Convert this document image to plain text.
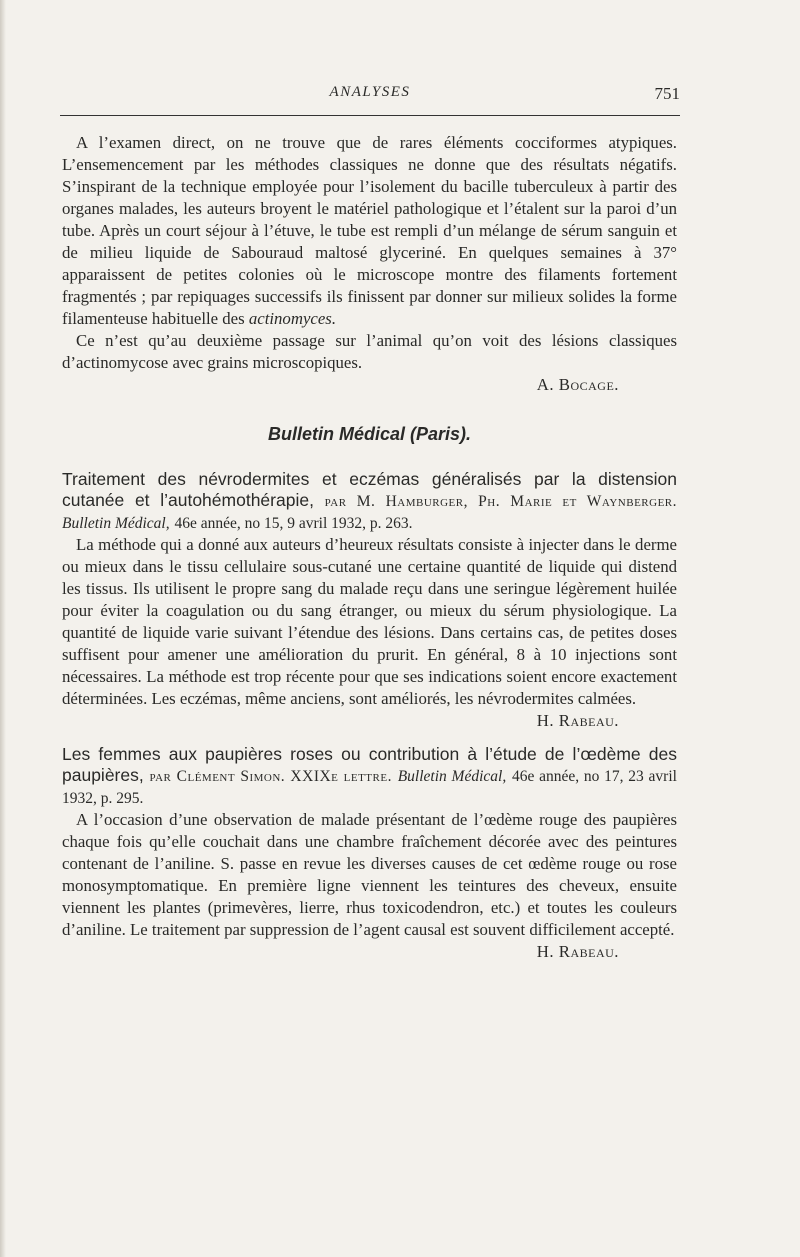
ANALYSES	751

A l’examen direct, on ne trouve que de rares éléments cocciformes atypiques. L’ensemencement par les méthodes classiques ne donne que des résultats négatifs. S’inspirant de la technique employée pour l’isolement du bacille tuberculeux à partir des organes malades, les auteurs broyent le matériel pathologique et l’étalent sur la paroi d’un tube. Après un court séjour à l’étuve, le tube est rempli d’un mélange de sérum sanguin et de milieu liquide de Sabouraud maltosé glyceriné. En quelques semaines à 37° apparaissent de petites colonies où le microscope montre des filaments fortement fragmentés ; par repiquages successifs ils finissent par donner sur milieux solides la forme filamenteuse habituelle des actinomyces.

Ce n’est qu’au deuxième passage sur l’animal qu’on voit des lésions classiques d’actinomycose avec grains microscopiques.

A. Bocage.
Bulletin Médical (Paris).

Traitement des névrodermites et eczémas généralisés par la distension cutanée et l’autohémothérapie, par M. Hamburger, Ph. Marie et Waynberger. Bulletin Médical, 46e année, no 15, 9 avril 1932, p. 263.

La méthode qui a donné aux auteurs d’heureux résultats consiste à injecter dans le derme ou mieux dans le tissu cellulaire sous-cutané une certaine quantité de liquide qui distend les tissus. Ils utilisent le propre sang du malade reçu dans une seringue légèrement huilée pour éviter la coagulation ou du sang étranger, ou mieux du sérum physiologique. La quantité de liquide varie suivant l’étendue des lésions. Dans certains cas, de petites doses suffisent pour amener une amélioration du prurit. En général, 8 à 10 injections sont nécessaires. La méthode est trop récente pour que ses indications soient encore exactement déterminées. Les eczémas, même anciens, sont améliorés, les névrodermites calmées.

H. Rabeau.

Les femmes aux paupières roses ou contribution à l’étude de l’œdème des paupières, par Clément Simon. XXIXe lettre. Bulletin Médical, 46e année, no 17, 23 avril 1932, p. 295.

A l’occasion d’une observation de malade présentant de l’œdème rouge des paupières chaque fois qu’elle couchait dans une chambre fraîchement décorée avec des peintures contenant de l’aniline. S. passe en revue les diverses causes de cet œdème rouge ou rose monosymptomatique. En première ligne viennent les teintures des cheveux, ensuite viennent les plantes (primevères, lierre, rhus toxicodendron, etc.) et toutes les couleurs d’aniline. Le traitement par suppression de l’agent causal est souvent difficilement accepté.

H. Rabeau.
